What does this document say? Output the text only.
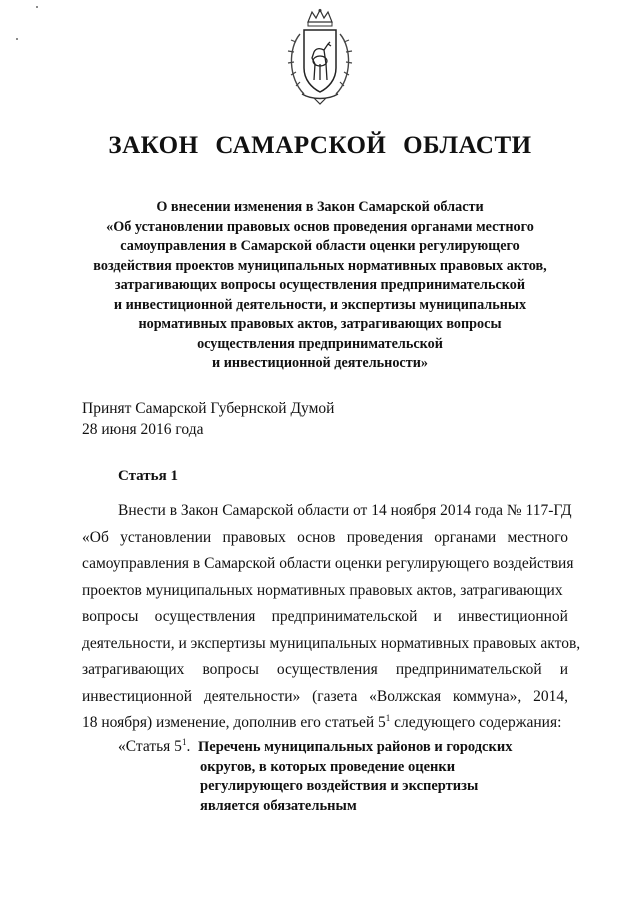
ЗАКОН САМАРСКОЙ ОБЛАСТИ
О внесении изменения в Закон Самарской области
«Об установлении правовых основ проведения органами местного
самоуправления в Самарской области оценки регулирующего
воздействия проектов муниципальных нормативных правовых актов,
затрагивающих вопросы осуществления предпринимательской
и инвестиционной деятельности, и экспертизы муниципальных
нормативных правовых актов, затрагивающих вопросы
осуществления предпринимательской
и инвестиционной деятельности»
Принят Самарской Губернской Думой
28 июня 2016 года
Статья 1
Внести в Закон Самарской области от 14 ноября 2014 года № 117-ГД
«Об установлении правовых основ проведения органами местного
самоуправления в Самарской области оценки регулирующего воздействия
проектов муниципальных нормативных правовых актов, затрагивающих
вопросы осуществления предпринимательской и инвестиционной
деятельности, и экспертизы муниципальных нормативных правовых актов,
затрагивающих вопросы осуществления предпринимательской и
инвестиционной деятельности» (газета «Волжская коммуна», 2014,
18 ноября) изменение, дополнив его статьей $5^1$ следующего содержания:
«Статья $5^1$. Перечень муниципальных районов и городских
округов, в которых проведение оценки
регулирующего воздействия и экспертизы
является обязательным
